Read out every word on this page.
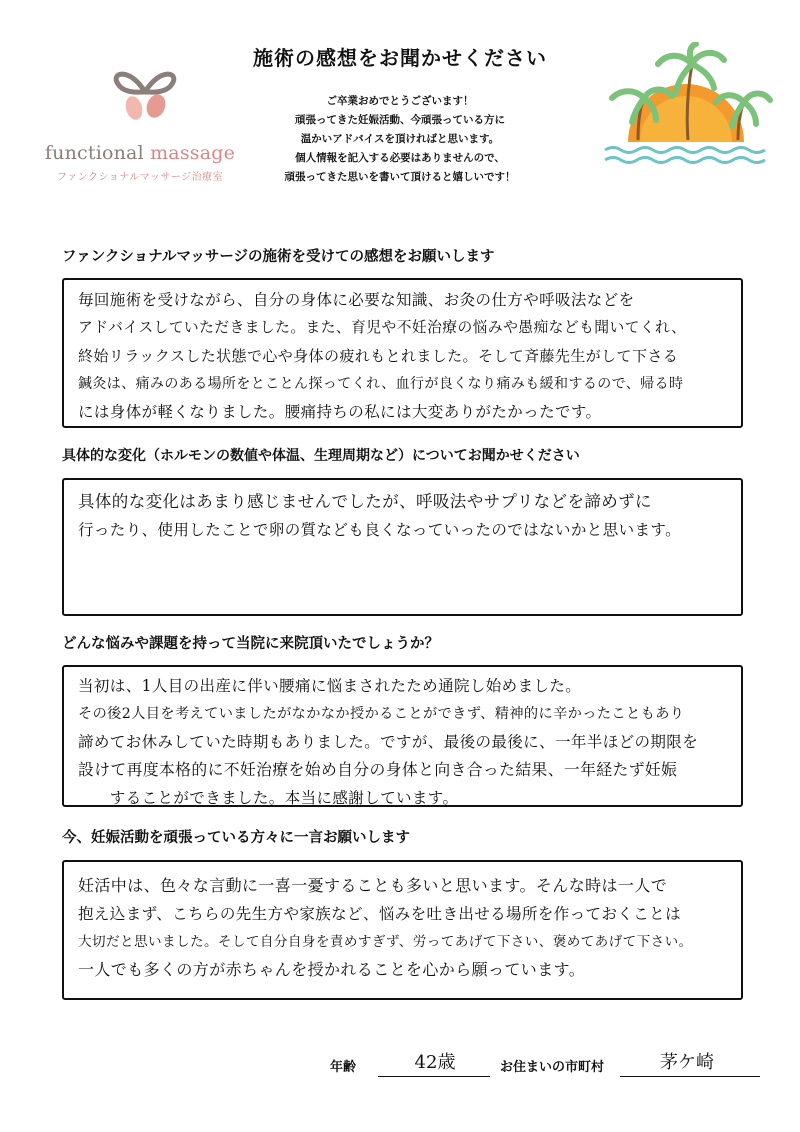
functional massage
ファンクショナルマッサージ治療室
施術の感想をお聞かせください
ご卒業おめでとうございます！
頑張ってきた妊娠活動、今頑張っている方に
温かいアドバイスを頂ければと思います。
個人情報を記入する必要はありませんので、
頑張ってきた思いを書いて頂けると嬉しいです！
ファンクショナルマッサージの施術を受けての感想をお願いします
毎回施術を受けながら、自分の身体に必要な知識、お灸の仕方や呼吸法などを
アドバイスしていただきました。また、育児や不妊治療の悩みや愚痴なども聞いてくれ、
終始リラックスした状態で心や身体の疲れもとれました。そして斉藤先生がして下さる
鍼灸は、痛みのある場所をとことん探ってくれ、血行が良くなり痛みも緩和するので、帰る時
には身体が軽くなりました。腰痛持ちの私には大変ありがたかったです。
具体的な変化（ホルモンの数値や体温、生理周期など）についてお聞かせください
具体的な変化はあまり感じませんでしたが、呼吸法やサプリなどを諦めずに
行ったり、使用したことで卵の質なども良くなっていったのではないかと思います。
どんな悩みや課題を持って当院に来院頂いたでしょうか？
当初は、1人目の出産に伴い腰痛に悩まされたため通院し始めました。
その後2人目を考えていましたがなかなか授かることができず、精神的に辛かったこともあり
諦めてお休みしていた時期もありました。ですが、最後の最後に、一年半ほどの期限を
設けて再度本格的に不妊治療を始め自分の身体と向き合った結果、一年経たず妊娠
　　することができました。本当に感謝しています。
今、妊娠活動を頑張っている方々に一言お願いします
妊活中は、色々な言動に一喜一憂することも多いと思います。そんな時は一人で
抱え込まず、こちらの先生方や家族など、悩みを吐き出せる場所を作っておくことは
大切だと思いました。そして自分自身を責めすぎず、労ってあげて下さい、褒めてあげて下さい。
一人でも多くの方が赤ちゃんを授かれることを心から願っています。
年齢	42歳	お住まいの市町村	茅ケ崎
